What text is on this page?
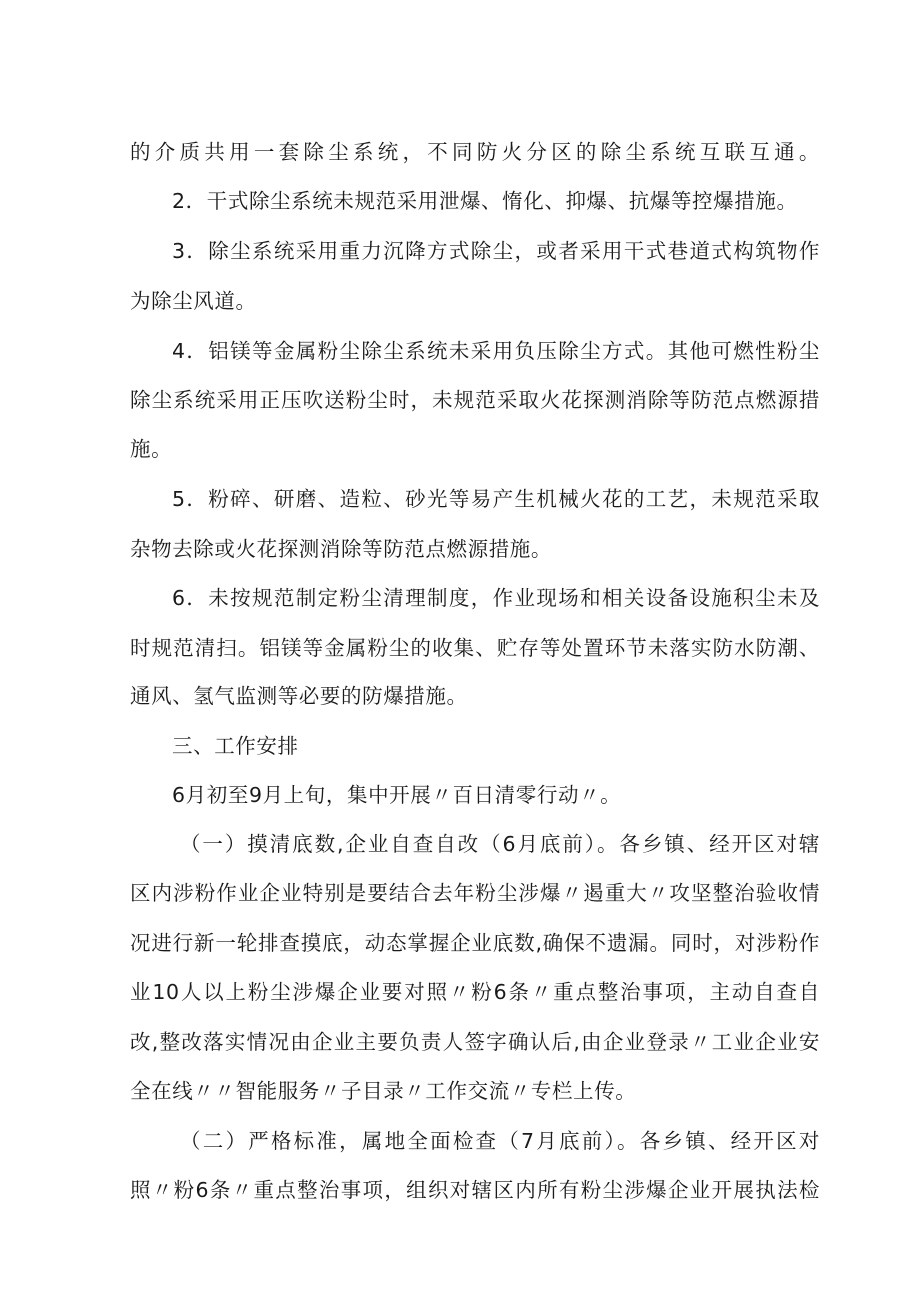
的介质共用一套除尘系统，不同防火分区的除尘系统互联互通。
2．干式除尘系统未规范采用泄爆、惰化、抑爆、抗爆等控爆措施。
3．除尘系统采用重力沉降方式除尘，或者采用干式巷道式构筑物作
为除尘风道。
4．铝镁等金属粉尘除尘系统未采用负压除尘方式。其他可燃性粉尘
除尘系统采用正压吹送粉尘时，未规范采取火花探测消除等防范点燃源措
施。
5．粉碎、研磨、造粒、砂光等易产生机械火花的工艺，未规范采取
杂物去除或火花探测消除等防范点燃源措施。
6．未按规范制定粉尘清理制度，作业现场和相关设备设施积尘未及
时规范清扫。铝镁等金属粉尘的收集、贮存等处置环节未落实防水防潮、
通风、氢气监测等必要的防爆措施。
三、工作安排
6月初至9月上旬，集中开展〃百日清零行动〃。
（一）摸清底数,企业自查自改（6月底前）。各乡镇、经开区对辖
区内涉粉作业企业特别是要结合去年粉尘涉爆〃遏重大〃攻坚整治验收情
况进行新一轮排查摸底，动态掌握企业底数,确保不遗漏。同时，对涉粉作
业10人以上粉尘涉爆企业要对照〃粉6条〃重点整治事项，主动自查自
改,整改落实情况由企业主要负责人签字确认后,由企业登录〃工业企业安
全在线〃〃智能服务〃子目录〃工作交流〃专栏上传。
（二）严格标准，属地全面检查（7月底前）。各乡镇、经开区对
照〃粉6条〃重点整治事项，组织对辖区内所有粉尘涉爆企业开展执法检
